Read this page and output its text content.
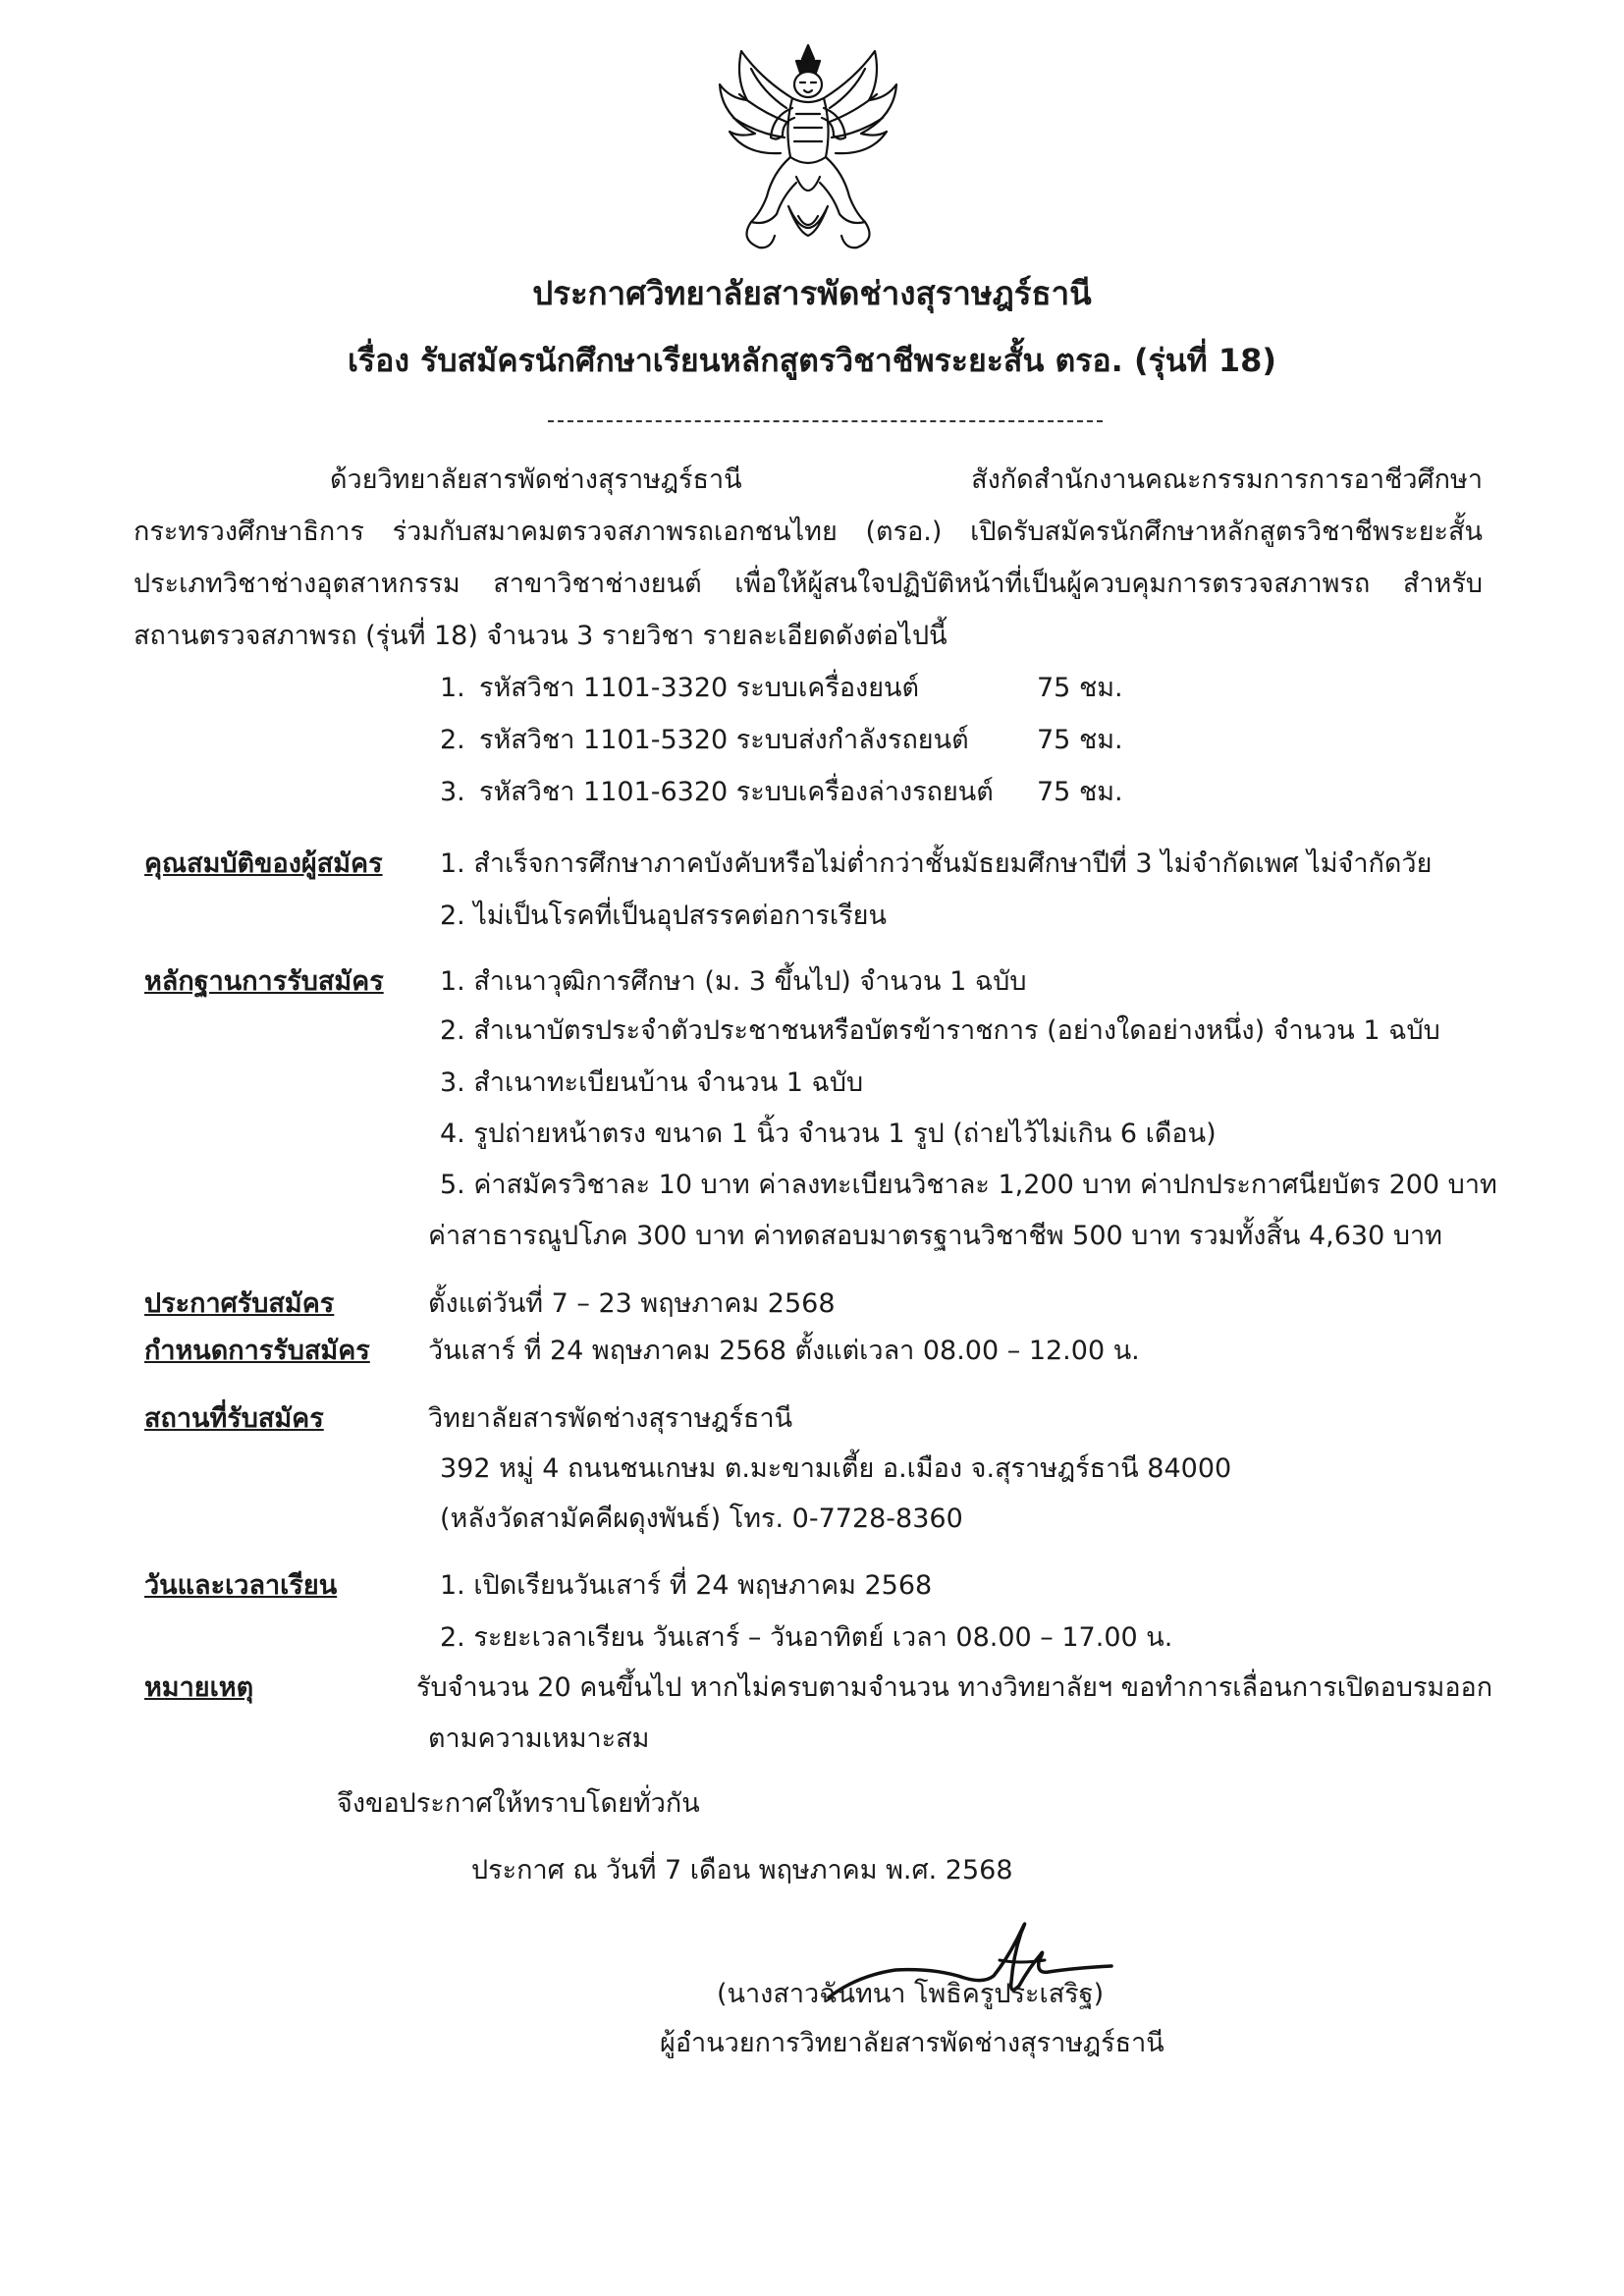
ประกาศวิทยาลัยสารพัดช่างสุราษฎร์ธานี
เรื่อง รับสมัครนักศึกษาเรียนหลักสูตรวิชาชีพระยะสั้น ตรอ. (รุ่นที่ 18)
ด้วยวิทยาลัยสารพัดช่างสุราษฎร์ธานี สังกัดสำนักงานคณะกรรมการการอาชีวศึกษา
กระทรวงศึกษาธิการ ร่วมกับสมาคมตรวจสภาพรถเอกชนไทย (ตรอ.) เปิดรับสมัครนักศึกษาหลักสูตรวิชาชีพระยะสั้น
ประเภทวิชาช่างอุตสาหกรรม สาขาวิชาช่างยนต์ เพื่อให้ผู้สนใจปฏิบัติหน้าที่เป็นผู้ควบคุมการตรวจสภาพรถ สำหรับ
สถานตรวจสภาพรถ (รุ่นที่ 18) จำนวน 3 รายวิชา รายละเอียดดังต่อไปนี้
1. รหัสวิชา 1101-3320 ระบบเครื่องยนต์	75 ชม.
2. รหัสวิชา 1101-5320 ระบบส่งกำลังรถยนต์	75 ชม.
3. รหัสวิชา 1101-6320 ระบบเครื่องล่างรถยนต์ 75 ชม.
คุณสมบัติของผู้สมัคร 1. สำเร็จการศึกษาภาคบังคับหรือไม่ต่ำกว่าชั้นมัธยมศึกษาปีที่ 3 ไม่จำกัดเพศ ไม่จำกัดวัย
2. ไม่เป็นโรคที่เป็นอุปสรรคต่อการเรียน
หลักฐานการรับสมัคร 1. สำเนาวุฒิการศึกษา (ม. 3 ขึ้นไป) จำนวน 1 ฉบับ
2. สำเนาบัตรประจำตัวประชาชนหรือบัตรข้าราชการ (อย่างใดอย่างหนึ่ง) จำนวน 1 ฉบับ
3. สำเนาทะเบียนบ้าน จำนวน 1 ฉบับ
4. รูปถ่ายหน้าตรง ขนาด 1 นิ้ว จำนวน 1 รูป (ถ่ายไว้ไม่เกิน 6 เดือน)
5. ค่าสมัครวิชาละ 10 บาท ค่าลงทะเบียนวิชาละ 1,200 บาท ค่าปกประกาศนียบัตร 200 บาท
ค่าสาธารณูปโภค 300 บาท ค่าทดสอบมาตรฐานวิชาชีพ 500 บาท รวมทั้งสิ้น 4,630 บาท
ประกาศรับสมัคร	ตั้งแต่วันที่ 7 – 23 พฤษภาคม 2568
กำหนดการรับสมัคร วันเสาร์ ที่ 24 พฤษภาคม 2568 ตั้งแต่เวลา 08.00 – 12.00 น.
สถานที่รับสมัคร	วิทยาลัยสารพัดช่างสุราษฎร์ธานี
392 หมู่ 4 ถนนชนเกษม ต.มะขามเตี้ย อ.เมือง จ.สุราษฎร์ธานี 84000
(หลังวัดสามัคคีผดุงพันธ์) โทร. 0-7728-8360
วันและเวลาเรียน	1. เปิดเรียนวันเสาร์ ที่ 24 พฤษภาคม 2568
2. ระยะเวลาเรียน วันเสาร์ – วันอาทิตย์ เวลา 08.00 – 17.00 น.
หมายเหตุ	รับจำนวน 20 คนขึ้นไป หากไม่ครบตามจำนวน ทางวิทยาลัยฯ ขอทำการเลื่อนการเปิดอบรมออก
ตามความเหมาะสม
จึงขอประกาศให้ทราบโดยทั่วกัน
ประกาศ ณ วันที่ 7 เดือน พฤษภาคม พ.ศ. 2568
(นางสาวฉันทนา โพธิครูประเสริฐ)
ผู้อำนวยการวิทยาลัยสารพัดช่างสุราษฎร์ธานี
